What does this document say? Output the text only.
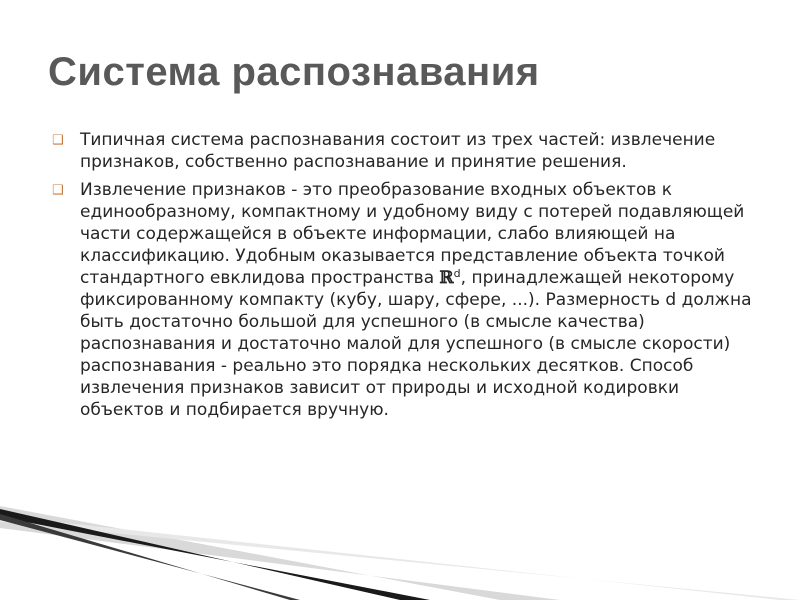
Система распознавания
❑ Типичная система распознавания состоит из трех частей: извлечение признаков, собственно распознавание и принятие решения.
❑ Извлечение признаков - это преобразование входных объектов к единообразному, компактному и удобному виду с потерей подавляющей части содержащейся в объекте информации, слабо влияющей на классификацию. Удобным оказывается представление объекта точкой стандартного евклидова пространства ℝ$^d$, принадлежащей некоторому фиксированному компакту (кубу, шару, сфере, ...). Размерность d должна быть достаточно большой для успешного (в смысле качества) распознавания и достаточно малой для успешного (в смысле скорости) распознавания - реально это порядка нескольких десятков. Способ извлечения признаков зависит от природы и исходной кодировки объектов и подбирается вручную.
